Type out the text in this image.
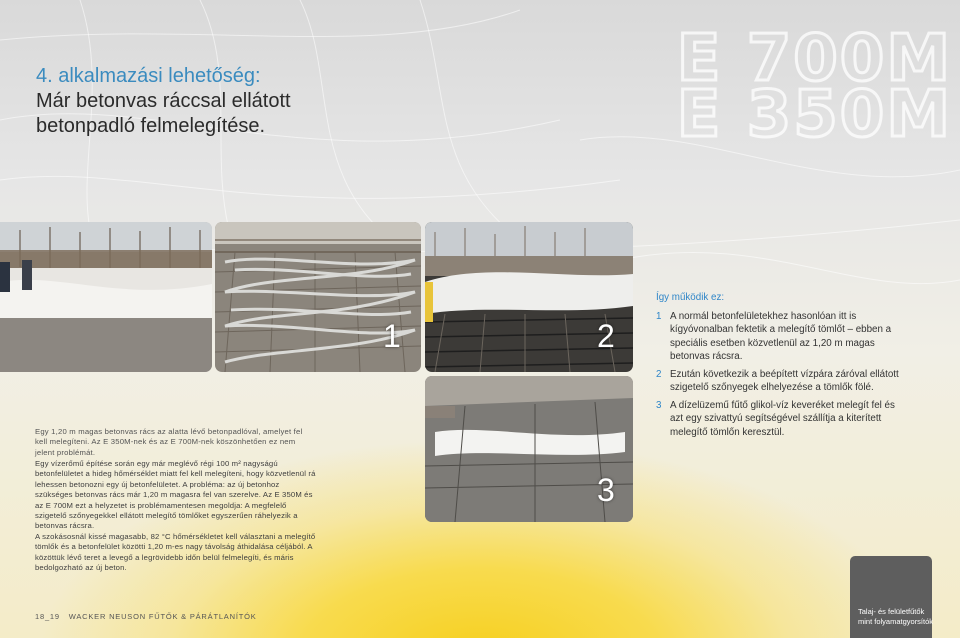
E 700M
E 350M
4. alkalmazási lehetőség:
Már betonvas ráccsal ellátott
betonpadló felmelegítése.
1	2
3
Egy 1,20 m magas betonvas rács az alatta lévő betonpadlóval, amelyet fel kell melegíteni. Az E 350M-nek és az E 700M-nek köszönhetően ez nem jelent problémát.

Egy vízerőmű építése során egy már meglévő régi 100 m² nagyságú betonfelületet a hideg hőmérséklet miatt fel kell melegíteni, hogy közvetlenül rá lehessen betonozni egy új betonfelületet. A probléma: az új betonhoz szükséges betonvas rács már 1,20 m magasra fel van szerelve. Az E 350M és az E 700M ezt a helyzetet is problémamentesen megoldja: A megfelelő szigetelő szőnyegekkel ellátott melegítő tömlőket egyszerűen ráhelyezik a betonvas rácsra.

A szokásosnál kissé magasabb, 82 °C hőmérsékletet kell választani a melegítő tömlők és a betonfelület közötti 1,20 m-es nagy távolság áthidalása céljából. A közöttük lévő teret a levegő a legrövidebb időn belül felmelegíti, és máris bedolgozható az új beton.

Így működik ez:
1 A normál betonfelületekhez hasonlóan itt is kígyóvonalban fektetik a melegítő tömlőt – ebben a speciális esetben közvetlenül az 1,20 m magas betonvas rácsra.
2 Ezután következik a beépített vízpára záróval ellátott szigetelő szőnyegek elhelyezése a tömlők fölé.
3 A dízelüzemű fűtő glikol-víz keveréket melegít fel és azt egy szivattyú segítségével szállítja a kiterített melegítő tömlőn keresztül.
18_19 WACKER NEUSON FŰTŐK & PÁRÁTLANÍTÓK
Talaj- és felületfűtők
mint folyamatgyorsítók
